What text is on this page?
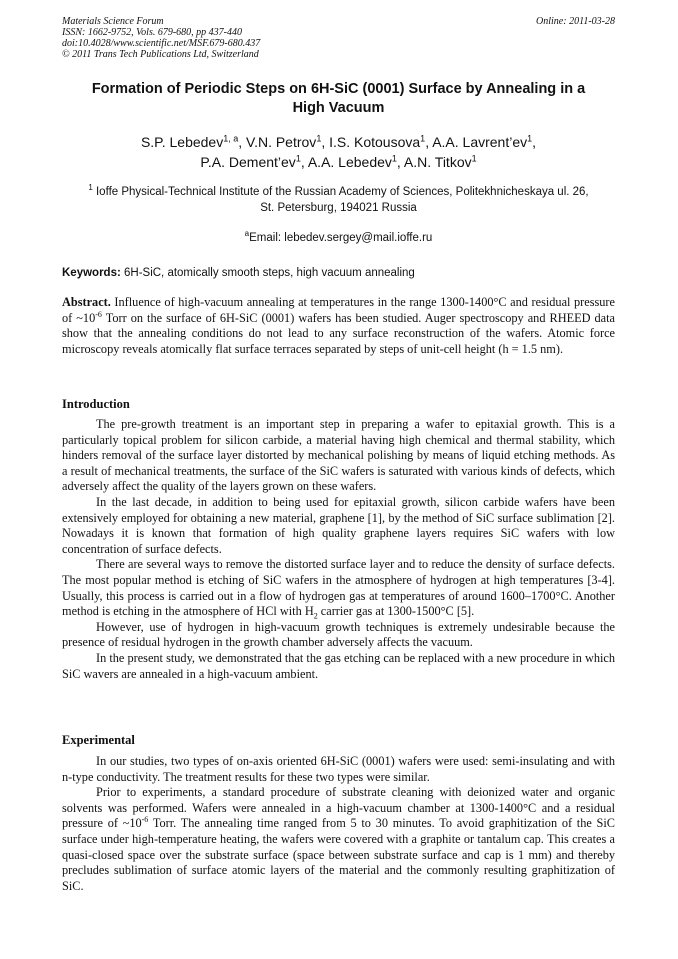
Materials Science Forum
ISSN: 1662-9752, Vols. 679-680, pp 437-440
doi:10.4028/www.scientific.net/MSF.679-680.437
© 2011 Trans Tech Publications Ltd, Switzerland
Online: 2011-03-28
Formation of Periodic Steps on 6H-SiC (0001) Surface by Annealing in a
High Vacuum
S.P. Lebedev$^{1, a}$, V.N. Petrov$^1$, I.S. Kotousova$^1$, A.A. $Lavrent’ev^1$,
P.A. $Dement’ev^1$, A.A. Lebedev$^1$, A.N. Titkov$^1$
$^1$ Ioffe Physical-Technical Institute of the Russian Academy of Sciences, Politekhnicheskaya ul. 26,
St. Petersburg, 194021 Russia
$^a$Email: lebedev.sergey@mail.ioffe.ru
Keywords: 6H-SiC, atomically smooth steps, high vacuum annealing

Abstract. Influence of high-vacuum annealing at temperatures in the range 1300-1400°C and residual pressure of $\sim 10^{-6}$ Torr on the surface of 6H-SiC (0001) wafers has been studied. Auger spectroscopy and RHEED data show that the annealing conditions do not lead to any surface reconstruction of the wafers. Atomic force microscopy reveals atomically flat surface terraces separated by steps of unit-cell height (h = 1.5 nm).

Introduction

The pre-growth treatment is an important step in preparing a wafer to epitaxial growth. This is a particularly topical problem for silicon carbide, a material having high chemical and thermal stability, which hinders removal of the surface layer distorted by mechanical polishing by means of liquid etching methods. As a result of mechanical treatments, the surface of the SiC wafers is saturated with various kinds of defects, which adversely affect the quality of the layers grown on these wafers.

In the last decade, in addition to being used for epitaxial growth, silicon carbide wafers have been extensively employed for obtaining a new material, graphene [1], by the method of SiC surface sublimation [2]. Nowadays it is known that formation of high quality graphene layers requires SiC wafers with low concentration of surface defects.

There are several ways to remove the distorted surface layer and to reduce the density of surface defects. The most popular method is etching of SiC wafers in the atmosphere of hydrogen at high temperatures [3-4]. Usually, this process is carried out in a flow of hydrogen gas at temperatures of around 1600–1700°C. Another method is etching in the atmosphere of HCl with $H_2$ carrier gas at 1300-1500°C [5].

However, use of hydrogen in high-vacuum growth techniques is extremely undesirable because the presence of residual hydrogen in the growth chamber adversely affects the vacuum.

In the present study, we demonstrated that the gas etching can be replaced with a new procedure in which SiC wavers are annealed in a high-vacuum ambient.

Experimental

In our studies, two types of on-axis oriented 6H-SiC (0001) wafers were used: semi-insulating and with n-type conductivity. The treatment results for these two types were similar.

Prior to experiments, a standard procedure of substrate cleaning with deionized water and organic solvents was performed. Wafers were annealed in a high-vacuum chamber at 1300-1400°C and a residual pressure of $\sim 10^{-6}$ Torr. The annealing time ranged from 5 to 30 minutes. To avoid graphitization of the SiC surface under high-temperature heating, the wafers were covered with a graphite or tantalum cap. This creates a quasi-closed space over the substrate surface (space between substrate surface and cap is 1 mm) and thereby precludes sublimation of surface atomic layers of the material and the commonly resulting graphitization of SiC.
